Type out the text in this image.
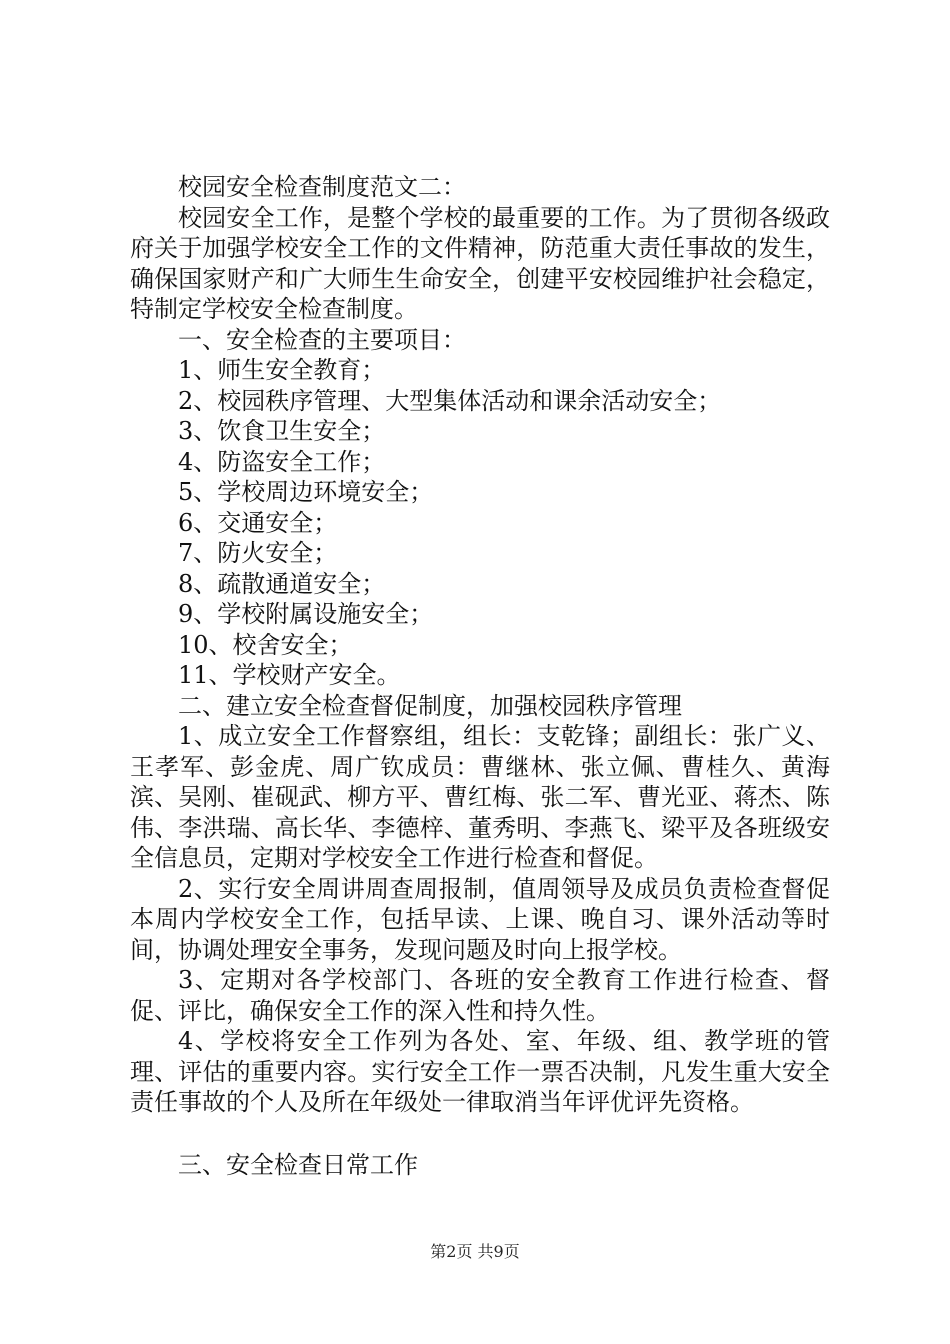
校园安全检查制度范文二：

校园安全工作，是整个学校的最重要的工作。为了贯彻各级政府关于加强学校安全工作的文件精神，防范重大责任事故的发生，确保国家财产和广大师生生命安全，创建平安校园维护社会稳定，特制定学校安全检查制度。

一、安全检查的主要项目：

1、师生安全教育；

2、校园秩序管理、大型集体活动和课余活动安全；

3、饮食卫生安全；

4、防盗安全工作；

5、学校周边环境安全；

6、交通安全；

7、防火安全；

8、疏散通道安全；

9、学校附属设施安全；

10、校舍安全；

11、学校财产安全。

二、建立安全检查督促制度，加强校园秩序管理

1、成立安全工作督察组，组长：支乾锋；副组长：张广义、王孝军、彭金虎、周广钦成员：曹继林、张立佩、曹桂久、黄海滨、吴刚、崔砚武、柳方平、曹红梅、张二军、曹光亚、蒋杰、陈伟、李洪瑞、高长华、李德梓、董秀明、李燕飞、梁平及各班级安全信息员，定期对学校安全工作进行检查和督促。

2、实行安全周讲周查周报制，值周领导及成员负责检查督促本周内学校安全工作，包括早读、上课、晚自习、课外活动等时间，协调处理安全事务，发现问题及时向上报学校。

3、定期对各学校部门、各班的安全教育工作进行检查、督促、评比，确保安全工作的深入性和持久性。

4、学校将安全工作列为各处、室、年级、组、教学班的管理、评估的重要内容。实行安全工作一票否决制，凡发生重大安全责任事故的个人及所在年级处一律取消当年评优评先资格。

三、安全检查日常工作

第2页 共9页
